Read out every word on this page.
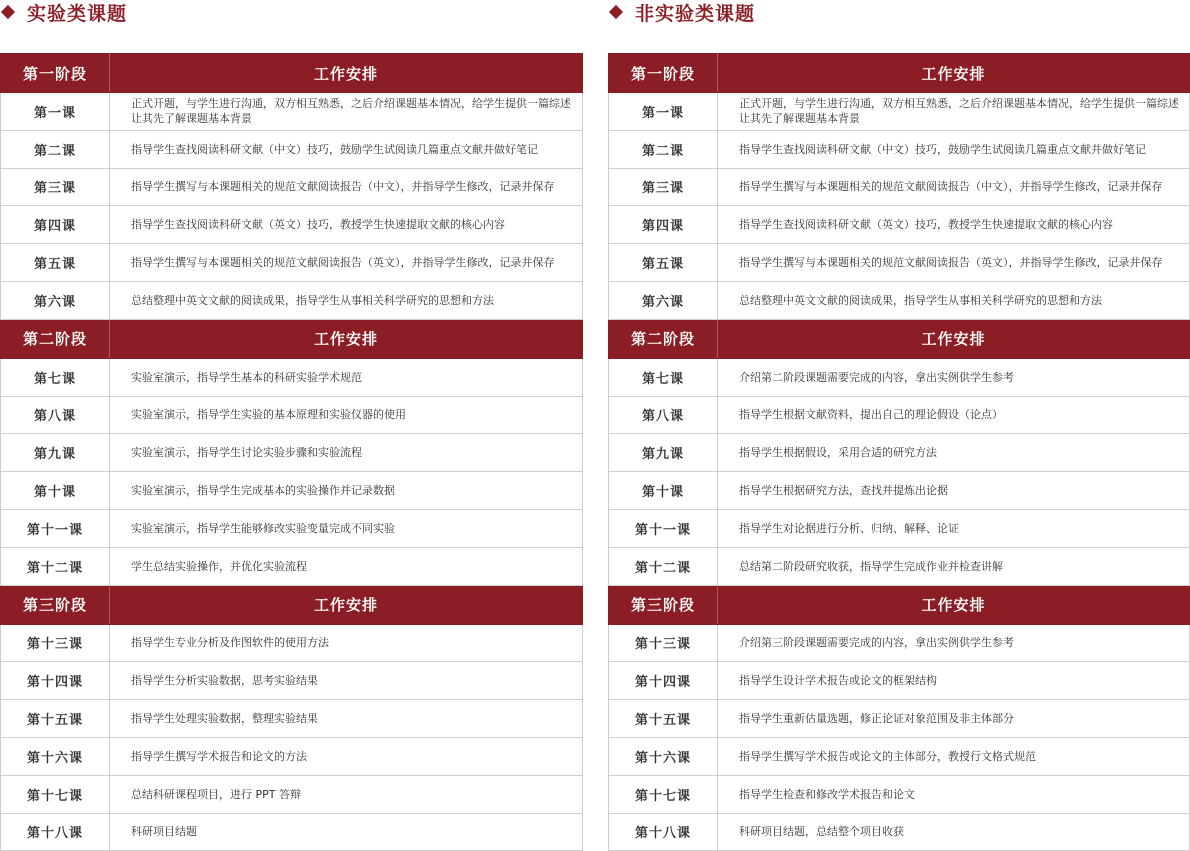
实验类课题
第一阶段	工作安排
第一课	正式开题，与学生进行沟通，双方相互熟悉，之后介绍课题基本情况，给学生提供一篇综述让其先了解课题基本背景
第二课	指导学生查找阅读科研文献（中文）技巧，鼓励学生试阅读几篇重点文献并做好笔记
第三课	指导学生撰写与本课题相关的规范文献阅读报告（中文），并指导学生修改，记录并保存
第四课	指导学生查找阅读科研文献（英文）技巧，教授学生快速提取文献的核心内容
第五课	指导学生撰写与本课题相关的规范文献阅读报告（英文），并指导学生修改，记录并保存
第六课	总结整理中英文文献的阅读成果，指导学生从事相关科学研究的思想和方法
第二阶段	工作安排
第七课	实验室演示，指导学生基本的科研实验学术规范
第八课	实验室演示，指导学生实验的基本原理和实验仪器的使用
第九课	实验室演示，指导学生讨论实验步骤和实验流程
第十课	实验室演示，指导学生完成基本的实验操作并记录数据
第十一课	实验室演示，指导学生能够修改实验变量完成不同实验
第十二课	学生总结实验操作，并优化实验流程
第三阶段	工作安排
第十三课	指导学生专业分析及作图软件的使用方法
第十四课	指导学生分析实验数据，思考实验结果
第十五课	指导学生处理实验数据，整理实验结果
第十六课	指导学生撰写学术报告和论文的方法
第十七课	总结科研课程项目，进行 PPT 答辩
第十八课	科研项目结题
非实验类课题
第一阶段	工作安排
第一课	正式开题，与学生进行沟通，双方相互熟悉，之后介绍课题基本情况，给学生提供一篇综述让其先了解课题基本背景
第二课	指导学生查找阅读科研文献（中文）技巧，鼓励学生试阅读几篇重点文献并做好笔记
第三课	指导学生撰写与本课题相关的规范文献阅读报告（中文），并指导学生修改，记录并保存
第四课	指导学生查找阅读科研文献（英文）技巧，教授学生快速提取文献的核心内容
第五课	指导学生撰写与本课题相关的规范文献阅读报告（英文），并指导学生修改，记录并保存
第六课	总结整理中英文文献的阅读成果，指导学生从事相关科学研究的思想和方法
第二阶段	工作安排
第七课	介绍第二阶段课题需要完成的内容，拿出实例供学生参考
第八课	指导学生根据文献资料，提出自己的理论假设（论点）
第九课	指导学生根据假设，采用合适的研究方法
第十课	指导学生根据研究方法，查找并提炼出论据
第十一课	指导学生对论据进行分析、归纳、解释、论证
第十二课	总结第二阶段研究收获，指导学生完成作业并检查讲解
第三阶段	工作安排
第十三课	介绍第三阶段课题需要完成的内容，拿出实例供学生参考
第十四课	指导学生设计学术报告或论文的框架结构
第十五课	指导学生重新估量选题，修正论证对象范围及非主体部分
第十六课	指导学生撰写学术报告或论文的主体部分，教授行文格式规范
第十七课	指导学生检查和修改学术报告和论文
第十八课	科研项目结题，总结整个项目收获
